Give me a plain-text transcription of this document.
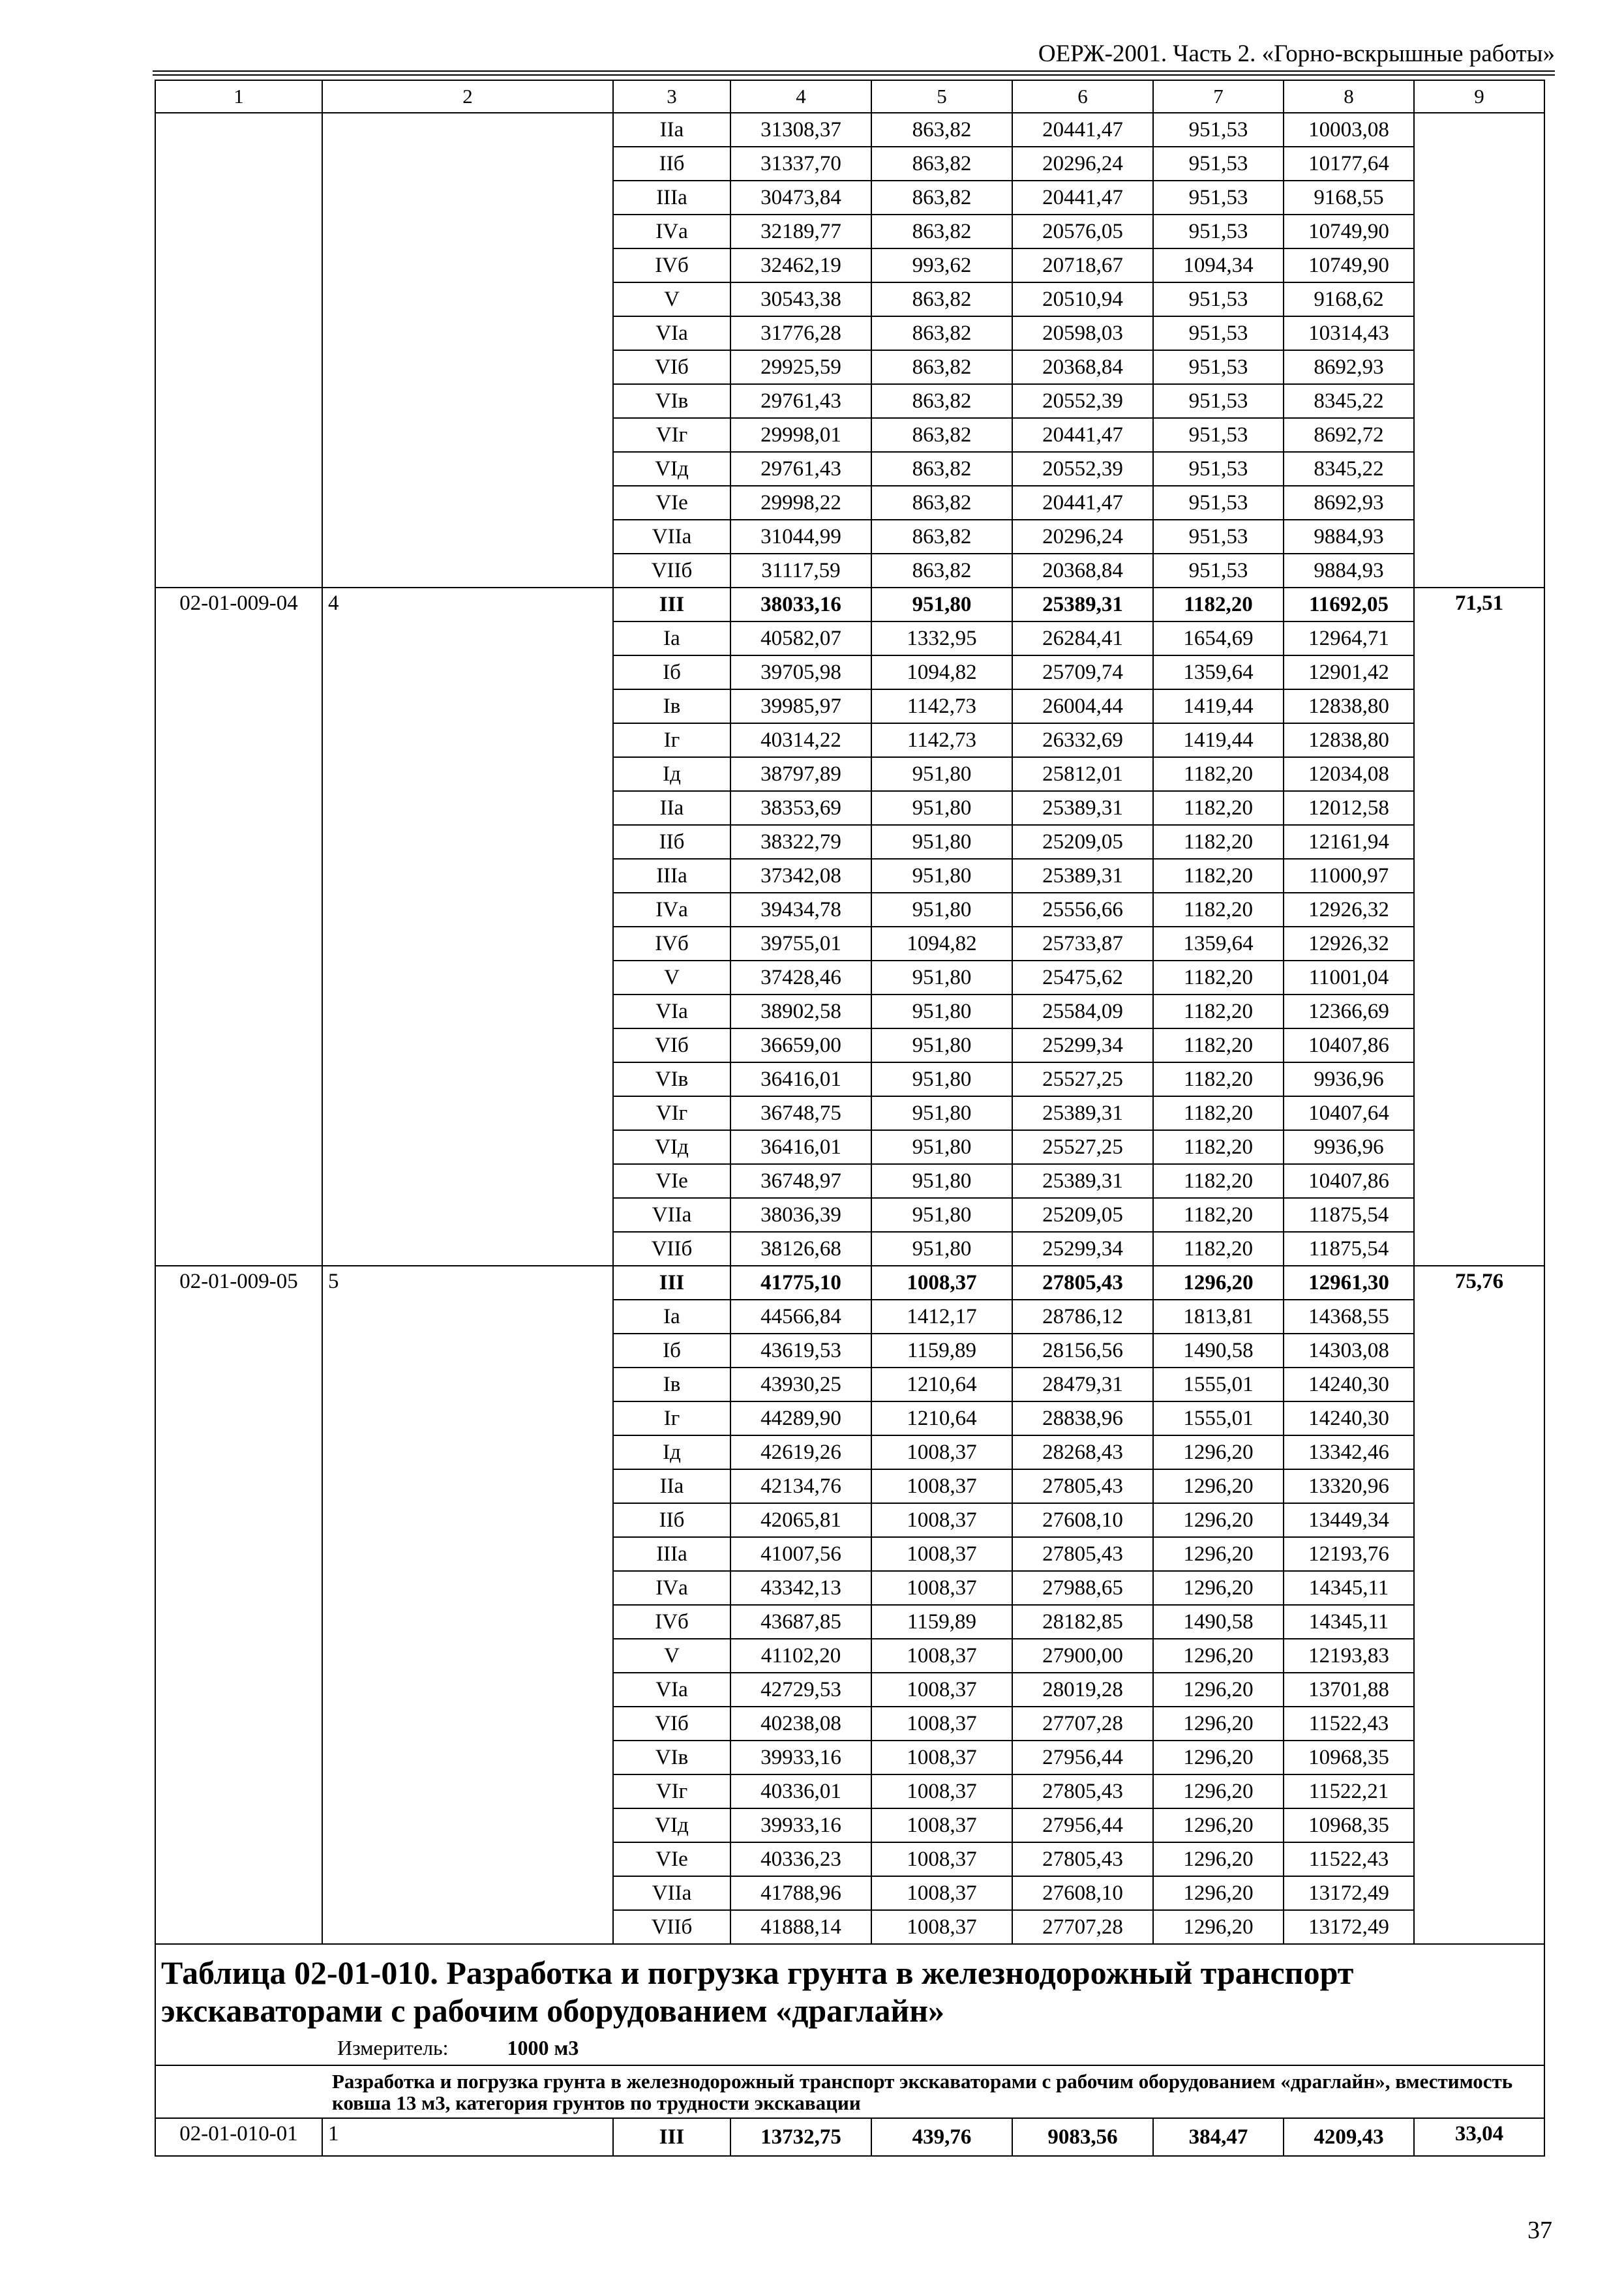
ОЕРЖ-2001. Часть 2. «Горно-вскрышные работы»
1	2	3	4	5	6	7	8	9
		IIа	31308,37	863,82	20441,47	951,53	10003,08	
		IIб	31337,70	863,82	20296,24	951,53	10177,64	
		IIIа	30473,84	863,82	20441,47	951,53	9168,55	
		IVа	32189,77	863,82	20576,05	951,53	10749,90	
		IVб	32462,19	993,62	20718,67	1094,34	10749,90	
		V	30543,38	863,82	20510,94	951,53	9168,62	
		VIа	31776,28	863,82	20598,03	951,53	10314,43	
		VIб	29925,59	863,82	20368,84	951,53	8692,93	
		VIв	29761,43	863,82	20552,39	951,53	8345,22	
		VIг	29998,01	863,82	20441,47	951,53	8692,72	
		VIд	29761,43	863,82	20552,39	951,53	8345,22	
		VIе	29998,22	863,82	20441,47	951,53	8692,93	
		VIIа	31044,99	863,82	20296,24	951,53	9884,93	
		VIIб	31117,59	863,82	20368,84	951,53	9884,93	
02-01-009-04	4	III	38033,16	951,80	25389,31	1182,20	11692,05	71,51
		Iа	40582,07	1332,95	26284,41	1654,69	12964,71	
		Iб	39705,98	1094,82	25709,74	1359,64	12901,42	
		Iв	39985,97	1142,73	26004,44	1419,44	12838,80	
		Iг	40314,22	1142,73	26332,69	1419,44	12838,80	
		Iд	38797,89	951,80	25812,01	1182,20	12034,08	
		IIа	38353,69	951,80	25389,31	1182,20	12012,58	
		IIб	38322,79	951,80	25209,05	1182,20	12161,94	
		IIIа	37342,08	951,80	25389,31	1182,20	11000,97	
		IVа	39434,78	951,80	25556,66	1182,20	12926,32	
		IVб	39755,01	1094,82	25733,87	1359,64	12926,32	
		V	37428,46	951,80	25475,62	1182,20	11001,04	
		VIа	38902,58	951,80	25584,09	1182,20	12366,69	
		VIб	36659,00	951,80	25299,34	1182,20	10407,86	
		VIв	36416,01	951,80	25527,25	1182,20	9936,96	
		VIг	36748,75	951,80	25389,31	1182,20	10407,64	
		VIд	36416,01	951,80	25527,25	1182,20	9936,96	
		VIе	36748,97	951,80	25389,31	1182,20	10407,86	
		VIIа	38036,39	951,80	25209,05	1182,20	11875,54	
		VIIб	38126,68	951,80	25299,34	1182,20	11875,54	
02-01-009-05	5	III	41775,10	1008,37	27805,43	1296,20	12961,30	75,76
		Iа	44566,84	1412,17	28786,12	1813,81	14368,55	
		Iб	43619,53	1159,89	28156,56	1490,58	14303,08	
		Iв	43930,25	1210,64	28479,31	1555,01	14240,30	
		Iг	44289,90	1210,64	28838,96	1555,01	14240,30	
		Iд	42619,26	1008,37	28268,43	1296,20	13342,46	
		IIа	42134,76	1008,37	27805,43	1296,20	13320,96	
		IIб	42065,81	1008,37	27608,10	1296,20	13449,34	
		IIIа	41007,56	1008,37	27805,43	1296,20	12193,76	
		IVа	43342,13	1008,37	27988,65	1296,20	14345,11	
		IVб	43687,85	1159,89	28182,85	1490,58	14345,11	
		V	41102,20	1008,37	27900,00	1296,20	12193,83	
		VIа	42729,53	1008,37	28019,28	1296,20	13701,88	
		VIб	40238,08	1008,37	27707,28	1296,20	11522,43	
		VIв	39933,16	1008,37	27956,44	1296,20	10968,35	
		VIг	40336,01	1008,37	27805,43	1296,20	11522,21	
		VIд	39933,16	1008,37	27956,44	1296,20	10968,35	
		VIе	40336,23	1008,37	27805,43	1296,20	11522,43	
		VIIа	41788,96	1008,37	27608,10	1296,20	13172,49	
		VIIб	41888,14	1008,37	27707,28	1296,20	13172,49	

Таблица 02-01-010. Разработка и погрузка грунта в железнодорожный транспорт
экскаваторами с рабочим оборудованием «драглайн»
Измеритель: 1000 м3								

Разработка и погрузка грунта в железнодорожный транспорт экскаваторами с рабочим оборудованием «драглайн», вместимость ковша 13 м3, категория грунтов по трудности экскавации								
02-01-010-01	1	III	13732,75	439,76	9083,56	384,47	4209,43	33,04
37
